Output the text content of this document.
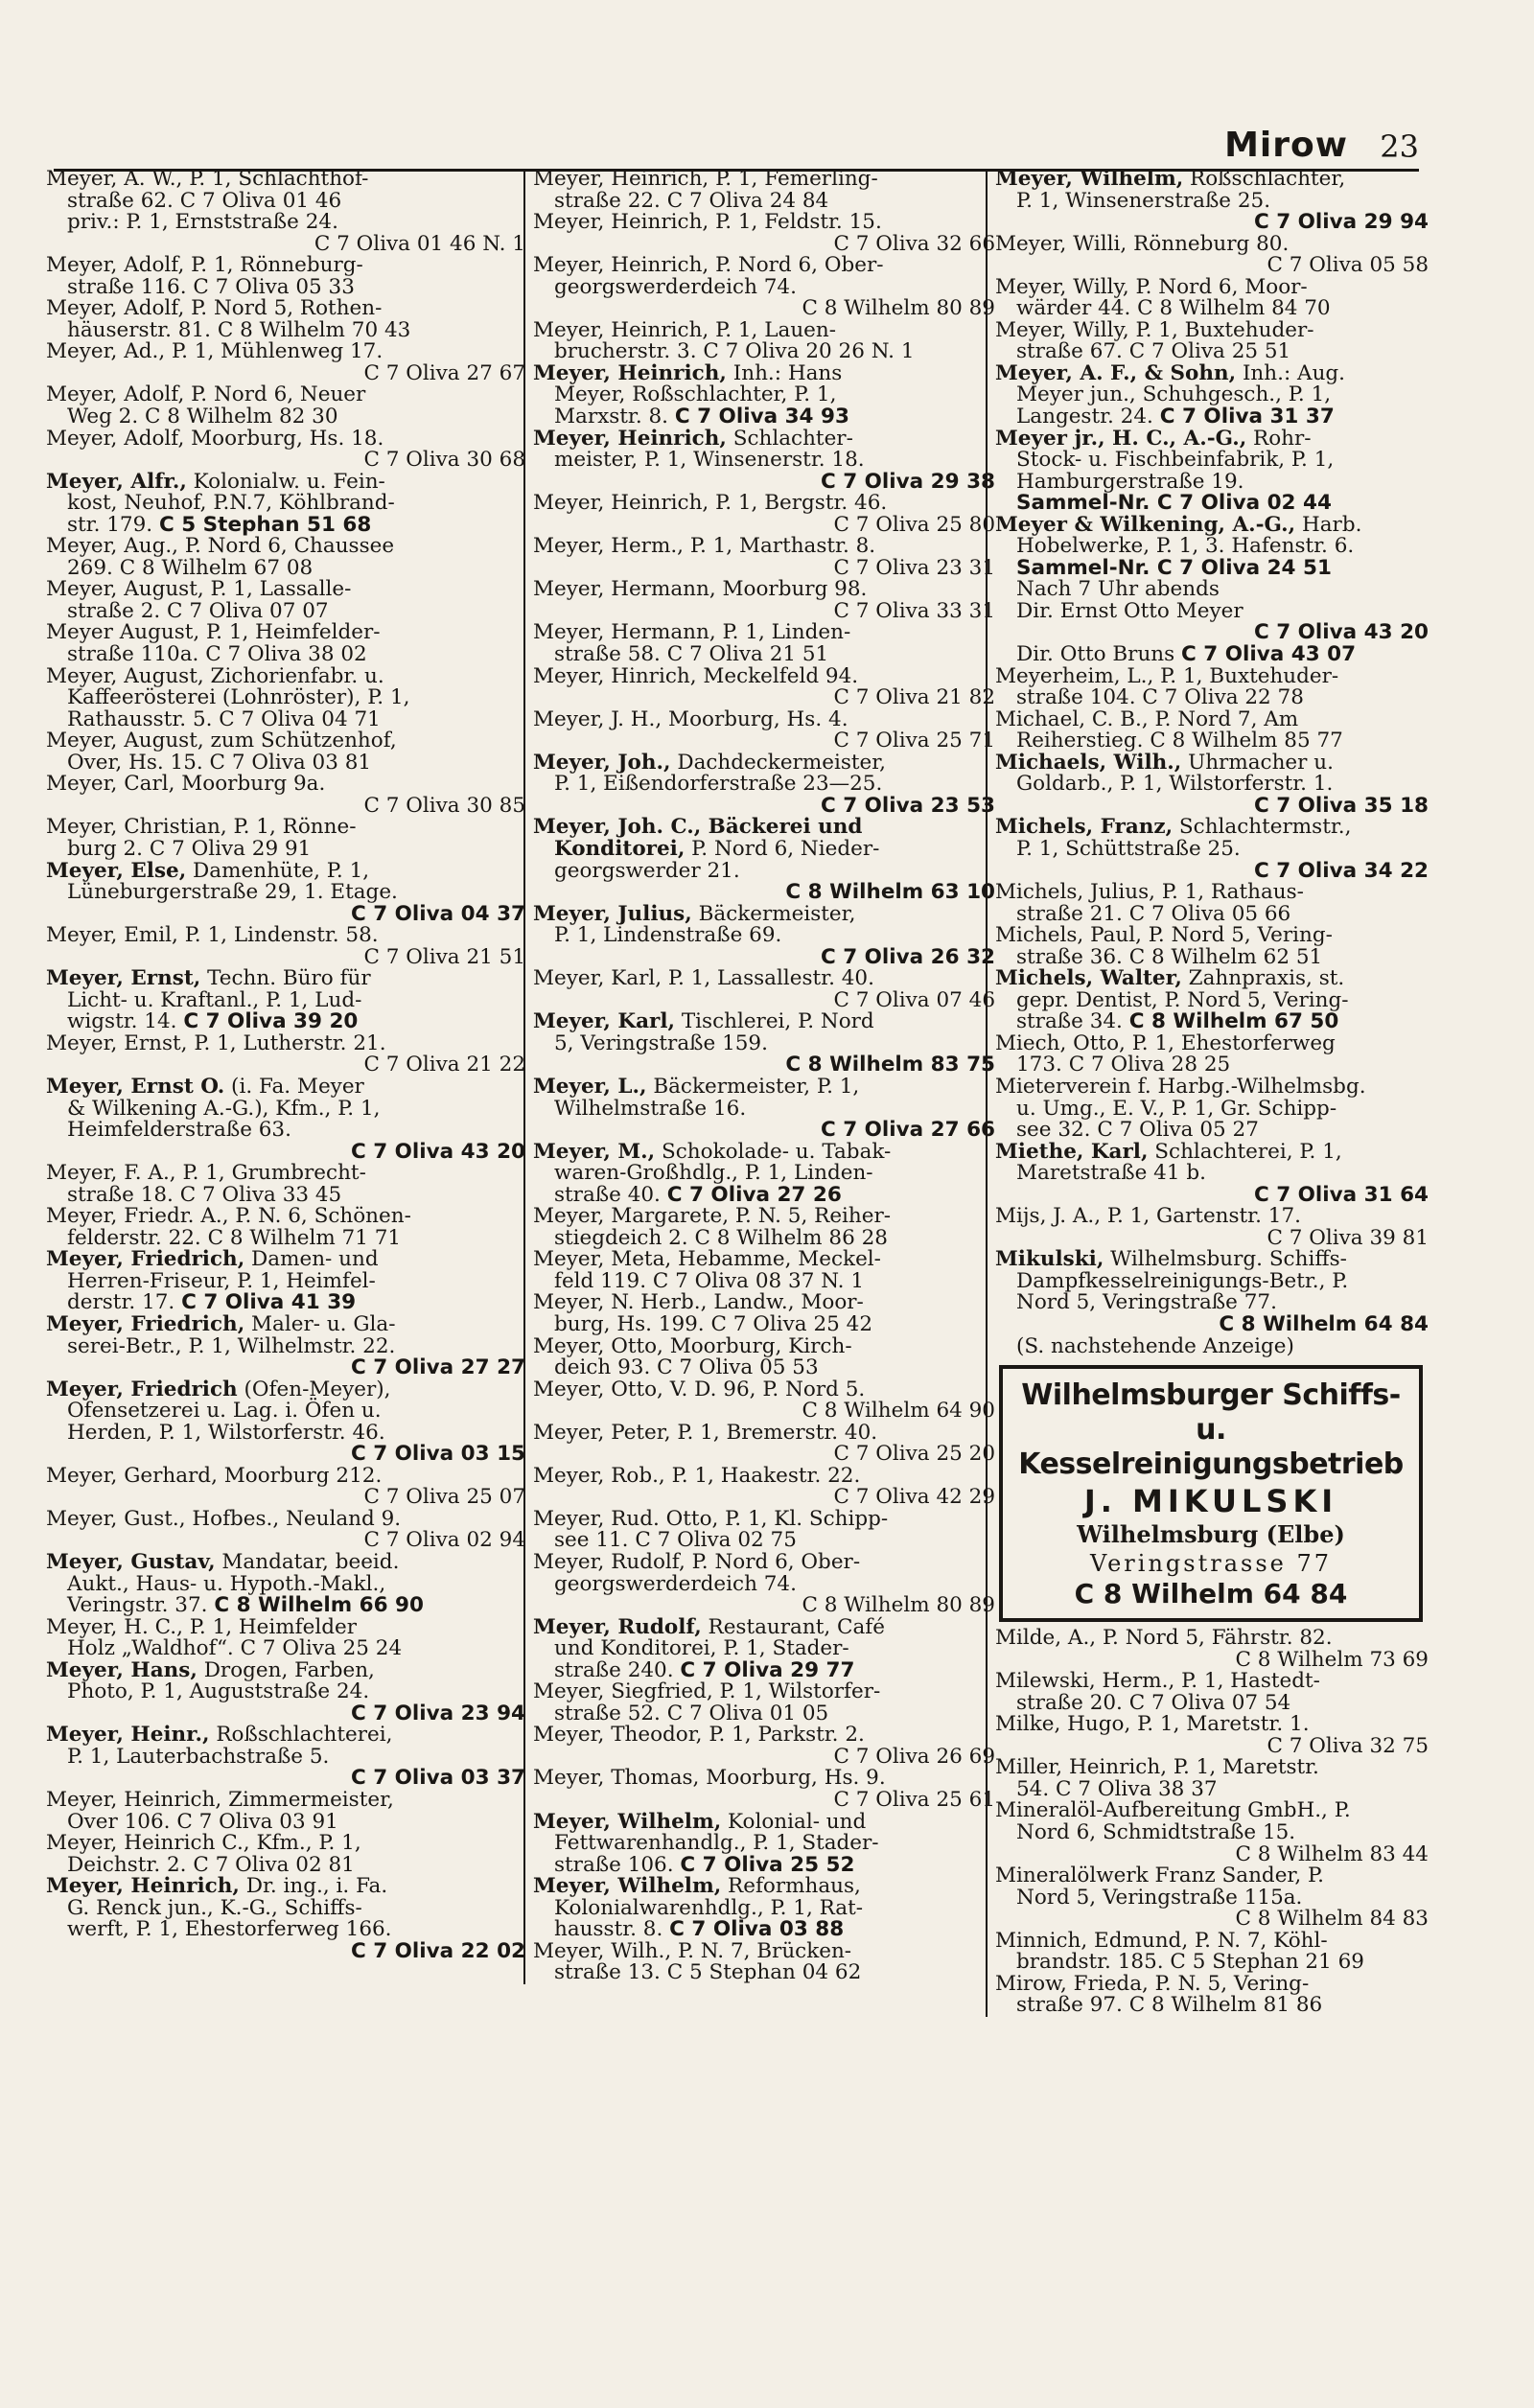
Mirow 23
Meyer, A. W., P. 1, Schlachthof-
straße 62. C 7 Oliva 01 46
priv.: P. 1, Ernststraße 24.
C 7 Oliva 01 46 N. 1
Meyer, Adolf, P. 1, Rönneburg-
straße 116. C 7 Oliva 05 33
Meyer, Adolf, P. Nord 5, Rothen-
häuserstr. 81. C 8 Wilhelm 70 43
Meyer, Ad., P. 1, Mühlenweg 17.
C 7 Oliva 27 67
Meyer, Adolf, P. Nord 6, Neuer
Weg 2. C 8 Wilhelm 82 30
Meyer, Adolf, Moorburg, Hs. 18.
C 7 Oliva 30 68
Meyer, Alfr., Kolonialw. u. Fein-
kost, Neuhof, P.N.7, Köhlbrand-
str. 179. C 5 Stephan 51 68
Meyer, Aug., P. Nord 6, Chaussee
269. C 8 Wilhelm 67 08
Meyer, August, P. 1, Lassalle-
straße 2. C 7 Oliva 07 07
Meyer August, P. 1, Heimfelder-
straße 110a. C 7 Oliva 38 02
Meyer, August, Zichorienfabr. u.
Kaffeerösterei (Lohnröster), P. 1,
Rathausstr. 5. C 7 Oliva 04 71
Meyer, August, zum Schützenhof,
Over, Hs. 15. C 7 Oliva 03 81
Meyer, Carl, Moorburg 9a.
C 7 Oliva 30 85
Meyer, Christian, P. 1, Rönne-
burg 2. C 7 Oliva 29 91
Meyer, Else, Damenhüte, P. 1,
Lüneburgerstraße 29, 1. Etage.
C 7 Oliva 04 37
Meyer, Emil, P. 1, Lindenstr. 58.
C 7 Oliva 21 51
Meyer, Ernst, Techn. Büro für
Licht- u. Kraftanl., P. 1, Lud-
wigstr. 14. C 7 Oliva 39 20
Meyer, Ernst, P. 1, Lutherstr. 21.
C 7 Oliva 21 22
Meyer, Ernst O. (i. Fa. Meyer
& Wilkening A.-G.), Kfm., P. 1,
Heimfelderstraße 63.
C 7 Oliva 43 20
Meyer, F. A., P. 1, Grumbrecht-
straße 18. C 7 Oliva 33 45
Meyer, Friedr. A., P. N. 6, Schönen-
felderstr. 22. C 8 Wilhelm 71 71
Meyer, Friedrich, Damen- und
Herren-Friseur, P. 1, Heimfel-
derstr. 17. C 7 Oliva 41 39
Meyer, Friedrich, Maler- u. Gla-
serei-Betr., P. 1, Wilhelmstr. 22.
C 7 Oliva 27 27
Meyer, Friedrich (Ofen-Meyer),
Ofensetzerei u. Lag. i. Öfen u.
Herden, P. 1, Wilstorferstr. 46.
C 7 Oliva 03 15
Meyer, Gerhard, Moorburg 212.
C 7 Oliva 25 07
Meyer, Gust., Hofbes., Neuland 9.
C 7 Oliva 02 94
Meyer, Gustav, Mandatar, beeid.
Aukt., Haus- u. Hypoth.-Makl.,
Veringstr. 37. C 8 Wilhelm 66 90
Meyer, H. C., P. 1, Heimfelder
Holz „Waldhof“. C 7 Oliva 25 24
Meyer, Hans, Drogen, Farben,
Photo, P. 1, Auguststraße 24.
C 7 Oliva 23 94
Meyer, Heinr., Roßschlachterei,
P. 1, Lauterbachstraße 5.
C 7 Oliva 03 37
Meyer, Heinrich, Zimmermeister,
Over 106. C 7 Oliva 03 91
Meyer, Heinrich C., Kfm., P. 1,
Deichstr. 2. C 7 Oliva 02 81
Meyer, Heinrich, Dr. ing., i. Fa.
G. Renck jun., K.-G., Schiffs-
werft, P. 1, Ehestorferweg 166.
C 7 Oliva 22 02
Meyer, Heinrich, P. 1, Femerling-
straße 22. C 7 Oliva 24 84
Meyer, Heinrich, P. 1, Feldstr. 15.
C 7 Oliva 32 66
Meyer, Heinrich, P. Nord 6, Ober-
georgswerderdeich 74.
C 8 Wilhelm 80 89
Meyer, Heinrich, P. 1, Lauen-
brucherstr. 3. C 7 Oliva 20 26 N. 1
Meyer, Heinrich, Inh.: Hans
Meyer, Roßschlachter, P. 1,
Marxstr. 8. C 7 Oliva 34 93
Meyer, Heinrich, Schlachter-
meister, P. 1, Winsenerstr. 18.
C 7 Oliva 29 38
Meyer, Heinrich, P. 1, Bergstr. 46.
C 7 Oliva 25 80
Meyer, Herm., P. 1, Marthastr. 8.
C 7 Oliva 23 31
Meyer, Hermann, Moorburg 98.
C 7 Oliva 33 31
Meyer, Hermann, P. 1, Linden-
straße 58. C 7 Oliva 21 51
Meyer, Hinrich, Meckelfeld 94.
C 7 Oliva 21 82
Meyer, J. H., Moorburg, Hs. 4.
C 7 Oliva 25 71
Meyer, Joh., Dachdeckermeister,
P. 1, Eißendorferstraße 23—25.
C 7 Oliva 23 53
Meyer, Joh. C., Bäckerei und
Konditorei, P. Nord 6, Nieder-
georgswerder 21.
C 8 Wilhelm 63 10
Meyer, Julius, Bäckermeister,
P. 1, Lindenstraße 69.
C 7 Oliva 26 32
Meyer, Karl, P. 1, Lassallestr. 40.
C 7 Oliva 07 46
Meyer, Karl, Tischlerei, P. Nord
5, Veringstraße 159.
C 8 Wilhelm 83 75
Meyer, L., Bäckermeister, P. 1,
Wilhelmstraße 16.
C 7 Oliva 27 66
Meyer, M., Schokolade- u. Tabak-
waren-Großhdlg., P. 1, Linden-
straße 40. C 7 Oliva 27 26
Meyer, Margarete, P. N. 5, Reiher-
stiegdeich 2. C 8 Wilhelm 86 28
Meyer, Meta, Hebamme, Meckel-
feld 119. C 7 Oliva 08 37 N. 1
Meyer, N. Herb., Landw., Moor-
burg, Hs. 199. C 7 Oliva 25 42
Meyer, Otto, Moorburg, Kirch-
deich 93. C 7 Oliva 05 53
Meyer, Otto, V. D. 96, P. Nord 5.
C 8 Wilhelm 64 90
Meyer, Peter, P. 1, Bremerstr. 40.
C 7 Oliva 25 20
Meyer, Rob., P. 1, Haakestr. 22.
C 7 Oliva 42 29
Meyer, Rud. Otto, P. 1, Kl. Schipp-
see 11. C 7 Oliva 02 75
Meyer, Rudolf, P. Nord 6, Ober-
georgswerderdeich 74.
C 8 Wilhelm 80 89
Meyer, Rudolf, Restaurant, Café
und Konditorei, P. 1, Stader-
straße 240. C 7 Oliva 29 77
Meyer, Siegfried, P. 1, Wilstorfer-
straße 52. C 7 Oliva 01 05
Meyer, Theodor, P. 1, Parkstr. 2.
C 7 Oliva 26 69
Meyer, Thomas, Moorburg, Hs. 9.
C 7 Oliva 25 61
Meyer, Wilhelm, Kolonial- und
Fettwarenhandlg., P. 1, Stader-
straße 106. C 7 Oliva 25 52
Meyer, Wilhelm, Reformhaus,
Kolonialwarenhdlg., P. 1, Rat-
hausstr. 8. C 7 Oliva 03 88
Meyer, Wilh., P. N. 7, Brücken-
straße 13. C 5 Stephan 04 62
Meyer, Wilhelm, Roßschlachter,
P. 1, Winsenerstraße 25.
C 7 Oliva 29 94
Meyer, Willi, Rönneburg 80.
C 7 Oliva 05 58
Meyer, Willy, P. Nord 6, Moor-
wärder 44. C 8 Wilhelm 84 70
Meyer, Willy, P. 1, Buxtehuder-
straße 67. C 7 Oliva 25 51
Meyer, A. F., & Sohn, Inh.: Aug.
Meyer jun., Schuhgesch., P. 1,
Langestr. 24. C 7 Oliva 31 37
Meyer jr., H. C., A.-G., Rohr-
Stock- u. Fischbeinfabrik, P. 1,
Hamburgerstraße 19.
Sammel-Nr. C 7 Oliva 02 44
Meyer & Wilkening, A.-G., Harb.
Hobelwerke, P. 1, 3. Hafenstr. 6.
Sammel-Nr. C 7 Oliva 24 51
Nach 7 Uhr abends
Dir. Ernst Otto Meyer
C 7 Oliva 43 20
Dir. Otto Bruns C 7 Oliva 43 07
Meyerheim, L., P. 1, Buxtehuder-
straße 104. C 7 Oliva 22 78
Michael, C. B., P. Nord 7, Am
Reiherstieg. C 8 Wilhelm 85 77
Michaels, Wilh., Uhrmacher u.
Goldarb., P. 1, Wilstorferstr. 1.
C 7 Oliva 35 18
Michels, Franz, Schlachtermstr.,
P. 1, Schüttstraße 25.
C 7 Oliva 34 22
Michels, Julius, P. 1, Rathaus-
straße 21. C 7 Oliva 05 66
Michels, Paul, P. Nord 5, Vering-
straße 36. C 8 Wilhelm 62 51
Michels, Walter, Zahnpraxis, st.
gepr. Dentist, P. Nord 5, Vering-
straße 34. C 8 Wilhelm 67 50
Miech, Otto, P. 1, Ehestorferweg
173. C 7 Oliva 28 25
Mieterverein f. Harbg.-Wilhelmsbg.
u. Umg., E. V., P. 1, Gr. Schipp-
see 32. C 7 Oliva 05 27
Miethe, Karl, Schlachterei, P. 1,
Maretstraße 41 b.
C 7 Oliva 31 64
Mijs, J. A., P. 1, Gartenstr. 17.
C 7 Oliva 39 81
Mikulski, Wilhelmsburg. Schiffs-
Dampfkesselreinigungs-Betr., P.
Nord 5, Veringstraße 77.
C 8 Wilhelm 64 84
(S. nachstehende Anzeige)
Wilhelmsburger Schiffs-
u. Kesselreinigungsbetrieb
J. MIKULSKI
Wilhelmsburg (Elbe)
Veringstrasse 77
C 8 Wilhelm 64 84
Milde, A., P. Nord 5, Fährstr. 82.
C 8 Wilhelm 73 69
Milewski, Herm., P. 1, Hastedt-
straße 20. C 7 Oliva 07 54
Milke, Hugo, P. 1, Maretstr. 1.
C 7 Oliva 32 75
Miller, Heinrich, P. 1, Maretstr.
54. C 7 Oliva 38 37
Mineralöl-Aufbereitung GmbH., P.
Nord 6, Schmidtstraße 15.
C 8 Wilhelm 83 44
Mineralölwerk Franz Sander, P.
Nord 5, Veringstraße 115a.
C 8 Wilhelm 84 83
Minnich, Edmund, P. N. 7, Köhl-
brandstr. 185. C 5 Stephan 21 69
Mirow, Frieda, P. N. 5, Vering-
straße 97. C 8 Wilhelm 81 86
